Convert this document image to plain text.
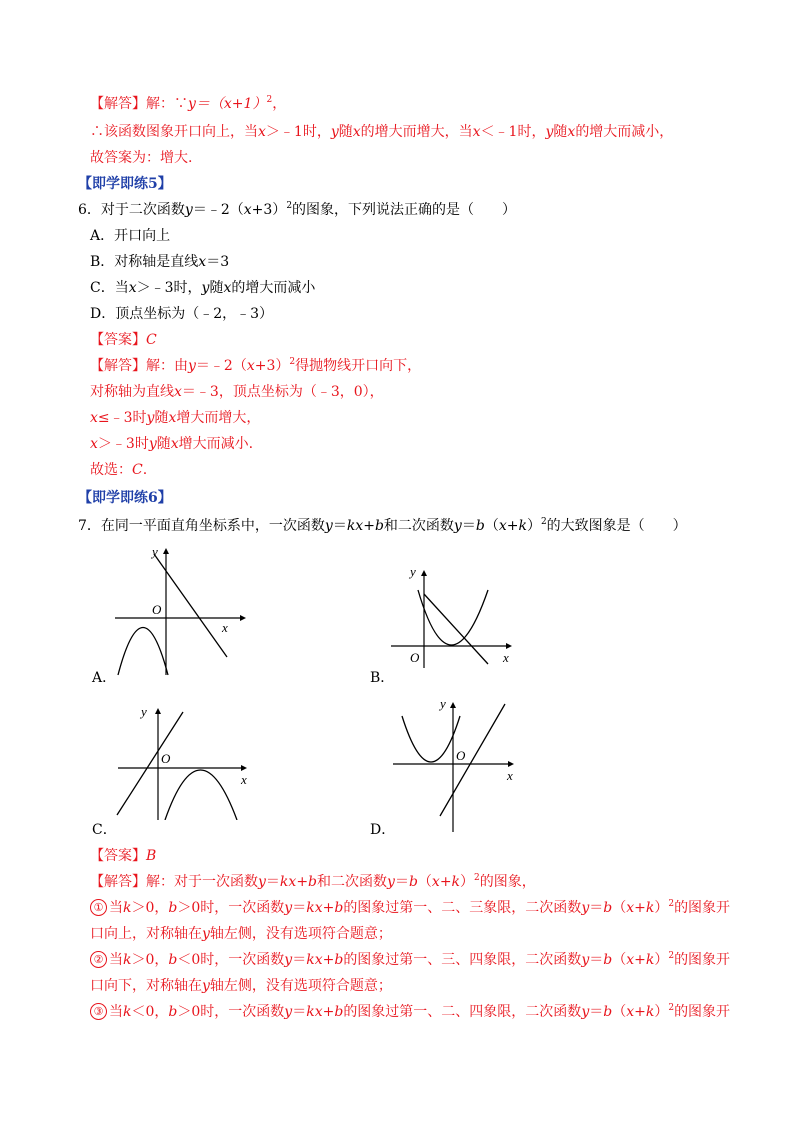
【解答】解：$\because y=(x+1)^2$，
∴该函数图象开口向上，当x＞﹣1时，y随x的增大而增大，当x＜﹣1时，y随x的增大而减小，
故答案为：增大.
【即学即练5】
6．对于二次函数$y=﹣2(x+3)^2$的图象，下列说法正确的是（　　）
A．开口向上
B．对称轴是直线x＝3
C．当x＞﹣3时，y随x的增大而减小
D．顶点坐标为（﹣2，﹣3）
【答案】C
【解答】解：由$y=﹣2(x+3)^2$得抛物线开口向下，
对称轴为直线x＝﹣3，顶点坐标为（﹣3，0），
x≤﹣3时y随x增大而增大，
x＞﹣3时y随x增大而减小.
故选：C.
【即学即练6】
7．在同一平面直角坐标系中，一次函数y＝kx+b和二次函数$y=b(x+k)^2$的大致图象是（　　）
y
x
O
A．
y
x
O
B．
y
x
O
C．
y
x
O
D．
【答案】B
【解答】解：对于一次函数y＝kx+b和二次函数$y=b(x+k)^2$的图象，
① 当k＞0，b＞0时，一次函数y＝kx+b的图象过第一、二、三象限，二次函数$y=b(x+k)^2$的图象开
口向上，对称轴在y轴左侧，没有选项符合题意；
② 当k＞0，b＜0时，一次函数y＝kx+b的图象过第一、三、四象限，二次函数$y=b(x+k)^2$的图象开
口向下，对称轴在y轴左侧，没有选项符合题意；
③ 当k＜0，b＞0时，一次函数y＝kx+b的图象过第一、二、四象限，二次函数$y=b(x+k)^2$的图象开
